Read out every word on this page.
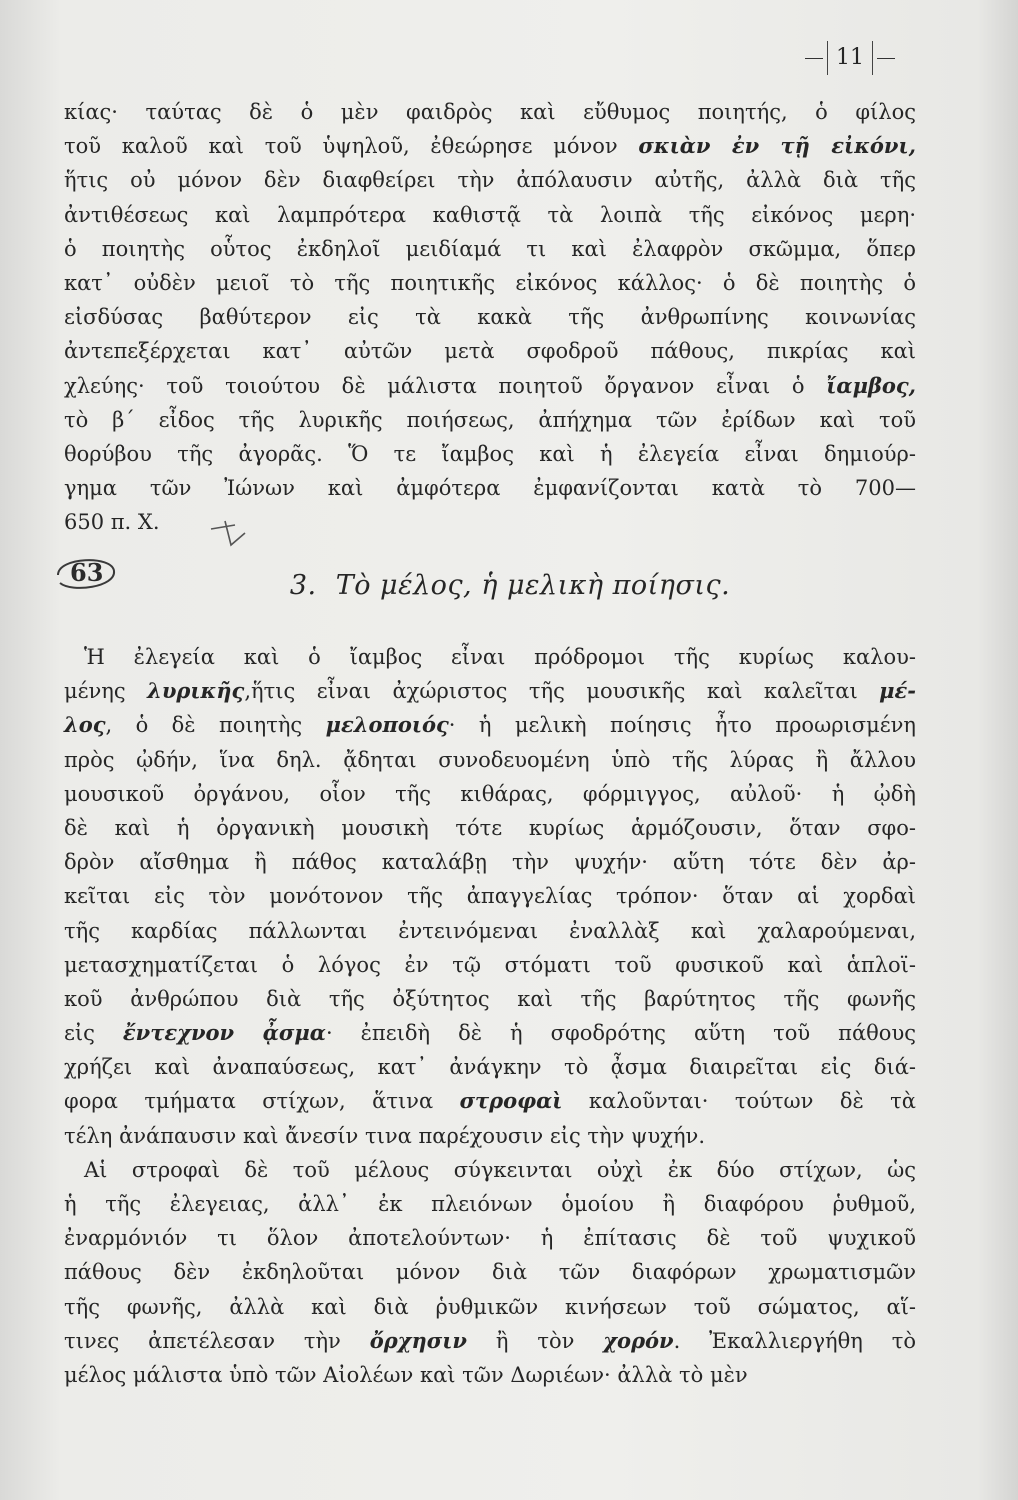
11
κίας· ταύτας δὲ ὁ μὲν φαιδρὸς καὶ εὔθυμος ποιητής, ὁ φίλος
τοῦ καλοῦ καὶ τοῦ ὑψηλοῦ, ἐθεώρησε μόνον σκιὰν ἐν τῇ εἰκόνι,
ἥτις οὐ μόνον δὲν διαφθείρει τὴν ἀπόλαυσιν αὐτῆς, ἀλλὰ διὰ τῆς
ἀντιθέσεως καὶ λαμπρότερα καθιστᾷ τὰ λοιπὰ τῆς εἰκόνος μερη·
ὁ ποιητὴς οὗτος ἐκδηλοῖ μειδίαμά τι καὶ ἐλαφρὸν σκῶμμα, ὅπερ
κατ᾽ οὐδὲν μειοῖ τὸ τῆς ποιητικῆς εἰκόνος κάλλος· ὁ δὲ ποιητὴς ὁ
εἰσδύσας βαθύτερον εἰς τὰ κακὰ τῆς ἀνθρωπίνης κοινωνίας
ἀντεπεξέρχεται κατ᾽ αὐτῶν μετὰ σφοδροῦ πάθους, πικρίας καὶ
χλεύης· τοῦ τοιούτου δὲ μάλιστα ποιητοῦ ὄργανον εἶναι ὁ ἴαμβος,
τὸ β´ εἶδος τῆς λυρικῆς ποιήσεως, ἀπήχημα τῶν ἐρίδων καὶ τοῦ
θορύβου τῆς ἀγορᾶς. Ὅ τε ἴαμβος καὶ ἡ ἐλεγεία εἶναι δημιούρ-
γημα τῶν Ἰώνων καὶ ἀμφότερα ἐμφανίζονται κατὰ τὸ 700—
650 π. Χ.
63	3. Τὸ μέλος, ἡ μελικὴ ποίησις.
Ἡ ἐλεγεία καὶ ὁ ἴαμβος εἶναι πρόδρομοι τῆς κυρίως καλου-
μένης λυρικῆς,ἥτις εἶναι ἀχώριστος τῆς μουσικῆς καὶ καλεῖται μέ-
λος, ὁ δὲ ποιητὴς μελοποιός· ἡ μελικὴ ποίησις ἦτο προωρισμένη
πρὸς ᾠδήν, ἵνα δηλ. ᾄδηται συνοδευομένη ὑπὸ τῆς λύρας ἢ ἄλλου
μουσικοῦ ὀργάνου, οἷον τῆς κιθάρας, φόρμιγγος, αὐλοῦ· ἡ ᾠδὴ
δὲ καὶ ἡ ὀργανικὴ μουσικὴ τότε κυρίως ἁρμόζουσιν, ὅταν σφο-
δρὸν αἴσθημα ἢ πάθος καταλάβῃ τὴν ψυχήν· αὕτη τότε δὲν ἀρ-
κεῖται εἰς τὸν μονότονον τῆς ἀπαγγελίας τρόπον· ὅταν αἱ χορδαὶ
τῆς καρδίας πάλλωνται ἐντεινόμεναι ἐναλλὰξ καὶ χαλαρούμεναι,
μετασχηματίζεται ὁ λόγος ἐν τῷ στόματι τοῦ φυσικοῦ καὶ ἁπλοϊ-
κοῦ ἀνθρώπου διὰ τῆς ὀξύτητος καὶ τῆς βαρύτητος τῆς φωνῆς
εἰς ἔντεχνον ᾆσμα· ἐπειδὴ δὲ ἡ σφοδρότης αὕτη τοῦ πάθους
χρήζει καὶ ἀναπαύσεως, κατ᾽ ἀνάγκην τὸ ᾆσμα διαιρεῖται εἰς διά-
φορα τμήματα στίχων, ἅτινα στροφαὶ καλοῦνται· τούτων δὲ τὰ
τέλη ἀνάπαυσιν καὶ ἄνεσίν τινα παρέχουσιν εἰς τὴν ψυχήν.
Αἱ στροφαὶ δὲ τοῦ μέλους σύγκεινται οὐχὶ ἐκ δύο στίχων, ὡς
ἡ τῆς ἐλεγειας, ἀλλ᾽ ἐκ πλειόνων ὁμοίου ἢ διαφόρου ῥυθμοῦ,
ἐναρμόνιόν τι ὅλον ἀποτελούντων· ἡ ἐπίτασις δὲ τοῦ ψυχικοῦ
πάθους δὲν ἐκδηλοῦται μόνον διὰ τῶν διαφόρων χρωματισμῶν
τῆς φωνῆς, ἀλλὰ καὶ διὰ ῥυθμικῶν κινήσεων τοῦ σώματος, αἵ-
τινες ἀπετέλεσαν τὴν ὄρχησιν ἢ τὸν χορόν. Ἐκαλλιεργήθη τὸ
μέλος μάλιστα ὑπὸ τῶν Αἰολέων καὶ τῶν Δωριέων· ἀλλὰ τὸ μὲν
